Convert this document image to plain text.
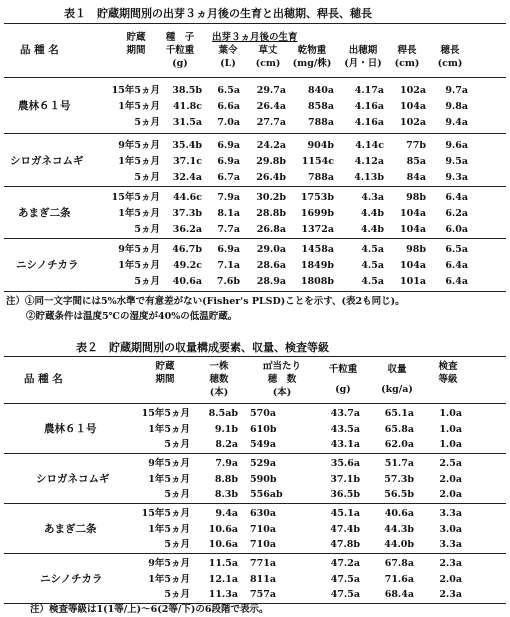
表１　貯蔵期間別の出芽３ヵ月後の生育と出穂期、稈長、穂長
品 種 名
貯蔵
期間
種　子
千粒重
(g)
出芽３ヵ月後の生育
葉令
(L)
草丈
(cm)
乾物重
(mg/株)
出穂期
(月・日)
稈長
(cm)
穂長
(cm)
農林６１号
15年5ヵ月	38.5b	6.5a	29.7a	840a	4.17a	102a	9.7a
1年5ヵ月	41.8c	6.6a	26.4a	858a	4.16a	104a	9.8a
5ヵ月	31.5a	7.0a	27.7a	788a	4.16a	102a	9.4a
シロガネコムギ
9年5ヵ月	35.4b	6.9a	24.2a	904b	4.14c	77b	9.6a
1年5ヵ月	37.1c	6.9a	29.8b	1154c	4.12a	85a	9.5a
5ヵ月	32.4a	6.7a	26.4b	788a	4.13b	84a	9.3a
あまぎ二条
15年5ヵ月	44.6c	7.9a	30.2b	1753b	4.3a	98b	6.4a
1年5ヵ月	37.3b	8.1a	28.8b	1699b	4.4b	104a	6.2a
5ヵ月	36.2a	7.7a	26.8a	1372a	4.4b	104a	6.0a
ニシノチカラ
9年5ヵ月	46.7b	6.9a	29.0a	1458a	4.5a	98b	6.5a
1年5ヵ月	49.2c	7.1a	28.6a	1849b	4.5a	104a	6.4a
5ヵ月	40.6a	7.6b	28.9a	1808b	4.5a	101a	6.4a
注）①同一文字間には5%水準で有意差がない(Fisher's PLSD)ことを示す、(表2も同じ)。
②貯蔵条件は温度5℃の湿度が40%の低温貯蔵。
表２　貯蔵期間別の収量構成要素、収量、検査等級
品 種 名
貯蔵
期間
一株
穂数
(本)
㎡当たり
穂　数
(本)
千粒重
(g)
収量
(kg/a)
検査
等級
農林６１号
15年5ヵ月	8.5ab 570a	43.7a	65.1a	1.0a
1年5ヵ月	9.1b 610b	43.5a	65.8a	1.0a
5ヵ月	8.2a 549a	43.1a	62.0a	1.0a
シロガネコムギ
9年5ヵ月	7.9a 529a	35.6a	51.7a	2.5a
1年5ヵ月	8.8b 590b	37.1b	57.3b	2.0a
5ヵ月	8.3b 556ab	36.5b	56.5b	2.0a
あまぎ二条
15年5ヵ月	9.4a 630a	45.1a	40.6a	3.3a
1年5ヵ月	10.6a 710a	47.4b	44.3b	3.0a
5ヵ月	10.6a 710a	47.8b	44.0b	3.3a
ニシノチカラ
9年5ヵ月	11.5a 771a	47.2a	67.8a	2.3a
1年5ヵ月	12.1a 811a	47.5a	71.6a	2.0a
5ヵ月	11.3a 757a	47.5a	68.4a	2.3a
注）検査等級は1(1等/上)～6(2等/下)の6段階で表示。
